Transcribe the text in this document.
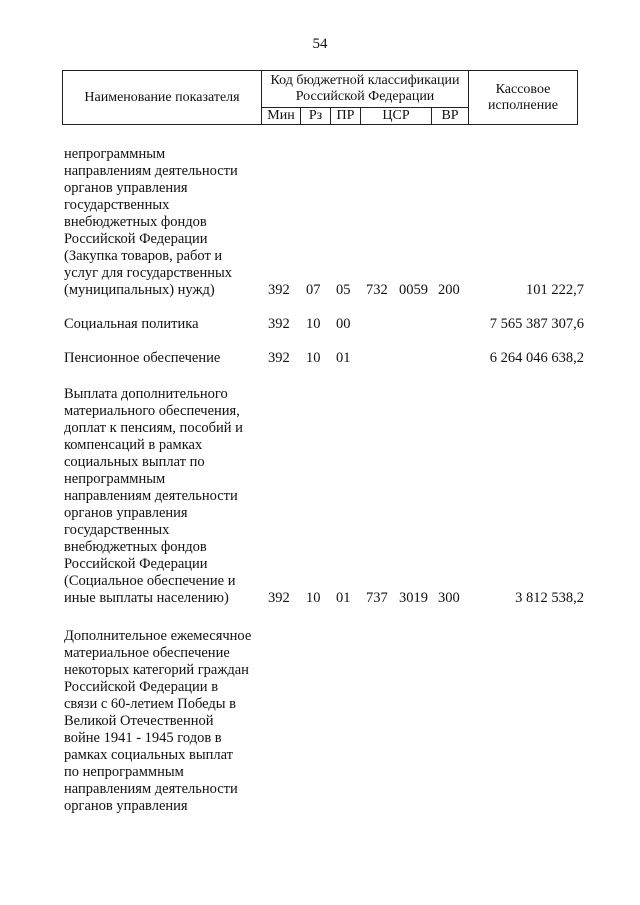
54
Наименование показателя
Код бюджетной классификации Российской Федерации
Мин Рз ПР ЦСР ВР
Кассовое исполнение
непрограммным
направлениям деятельности
органов управления
государственных
внебюджетных фондов
Российской Федерации
(Закупка товаров, работ и
услуг для государственных
(муниципальных) нужд)	392 07 05 732 0059 200	101 222,7
Социальная политика	392 10 00	7 565 387 307,6
Пенсионное обеспечение	392 10 01	6 264 046 638,2
Выплата дополнительного
материального обеспечения,
доплат к пенсиям, пособий и
компенсаций в рамках
социальных выплат по
непрограммным
направлениям деятельности
органов управления
государственных
внебюджетных фондов
Российской Федерации
(Социальное обеспечение и
иные выплаты населению)	392 10 01 737 3019 300	3 812 538,2
Дополнительное ежемесячное
материальное обеспечение
некоторых категорий граждан
Российской Федерации в
связи с 60-летием Победы в
Великой Отечественной
войне 1941 - 1945 годов в
рамках социальных выплат
по непрограммным
направлениям деятельности
органов управления
